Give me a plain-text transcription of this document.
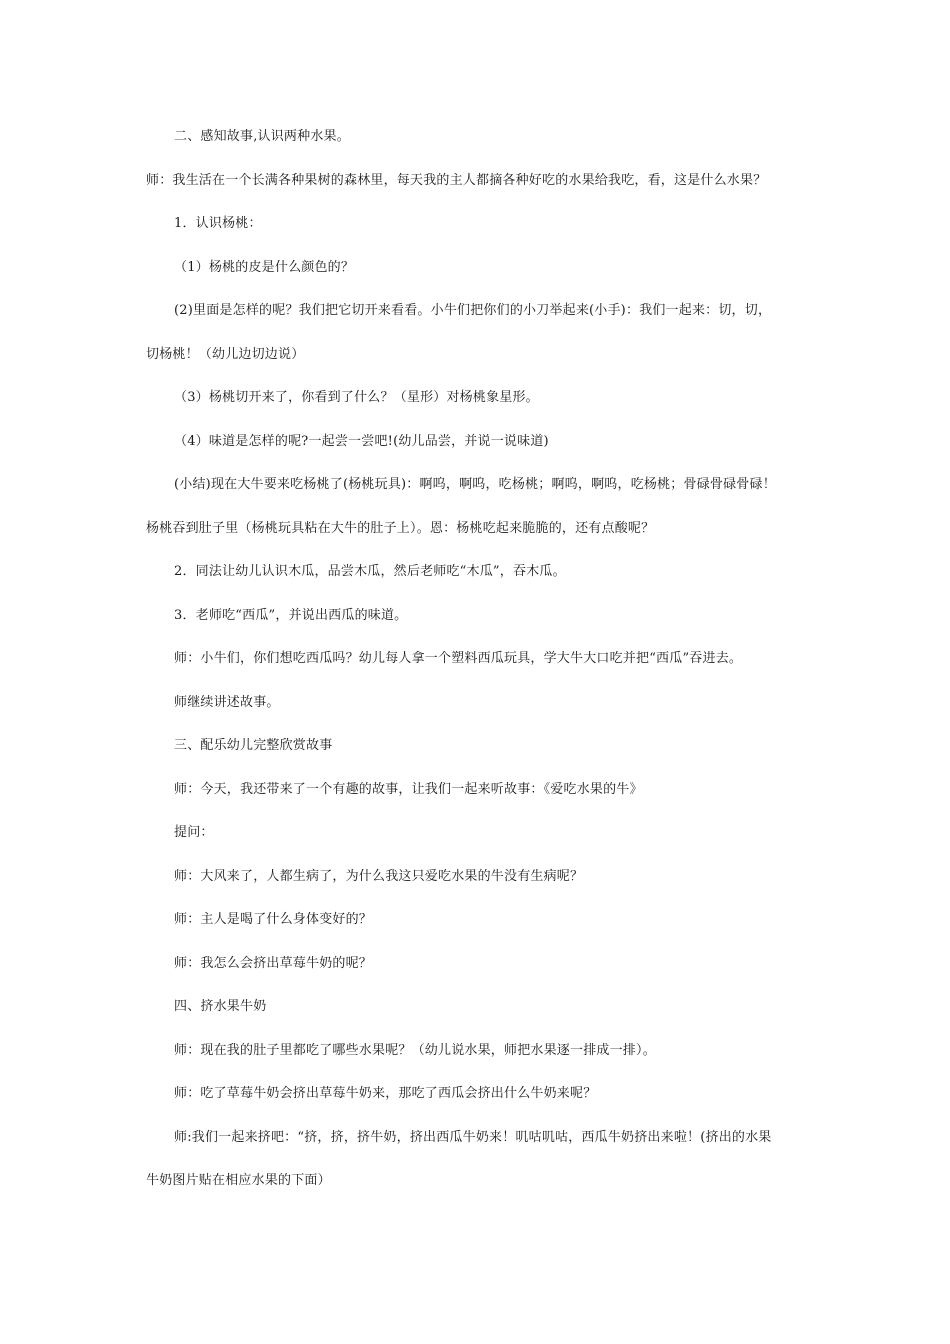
二、感知故事,认识两种水果。
师：我生活在一个长满各种果树的森林里，每天我的主人都摘各种好吃的水果给我吃，看，这是什么水果？
1．认识杨桃：
（1）杨桃的皮是什么颜色的？
(2)里面是怎样的呢？我们把它切开来看看。小牛们把你们的小刀举起来(小手)：我们一起来：切，切，
切杨桃！（幼儿边切边说）
（3）杨桃切开来了，你看到了什么？（星形）对杨桃象星形。
（4）味道是怎样的呢?一起尝一尝吧!(幼儿品尝，并说一说味道)
(小结)现在大牛要来吃杨桃了(杨桃玩具)：啊呜，啊呜，吃杨桃；啊呜，啊呜，吃杨桃；骨碌骨碌骨碌！
杨桃吞到肚子里（杨桃玩具粘在大牛的肚子上）。恩：杨桃吃起来脆脆的，还有点酸呢？
2．同法让幼儿认识木瓜，品尝木瓜，然后老师吃“木瓜”，吞木瓜。
3．老师吃“西瓜”，并说出西瓜的味道。
师：小牛们，你们想吃西瓜吗？幼儿每人拿一个塑料西瓜玩具，学大牛大口吃并把“西瓜”吞进去。
师继续讲述故事。
三、配乐幼儿完整欣赏故事
师：今天，我还带来了一个有趣的故事，让我们一起来听故事：《爱吃水果的牛》
提问：
师：大风来了，人都生病了，为什么我这只爱吃水果的牛没有生病呢？
师：主人是喝了什么身体变好的？
师：我怎么会挤出草莓牛奶的呢？
四、挤水果牛奶
师：现在我的肚子里都吃了哪些水果呢？（幼儿说水果，师把水果逐一排成一排）。
师：吃了草莓牛奶会挤出草莓牛奶来，那吃了西瓜会挤出什么牛奶来呢？
师:我们一起来挤吧：“挤，挤，挤牛奶，挤出西瓜牛奶来！叽咕叽咕，西瓜牛奶挤出来啦！(挤出的水果
牛奶图片贴在相应水果的下面）
